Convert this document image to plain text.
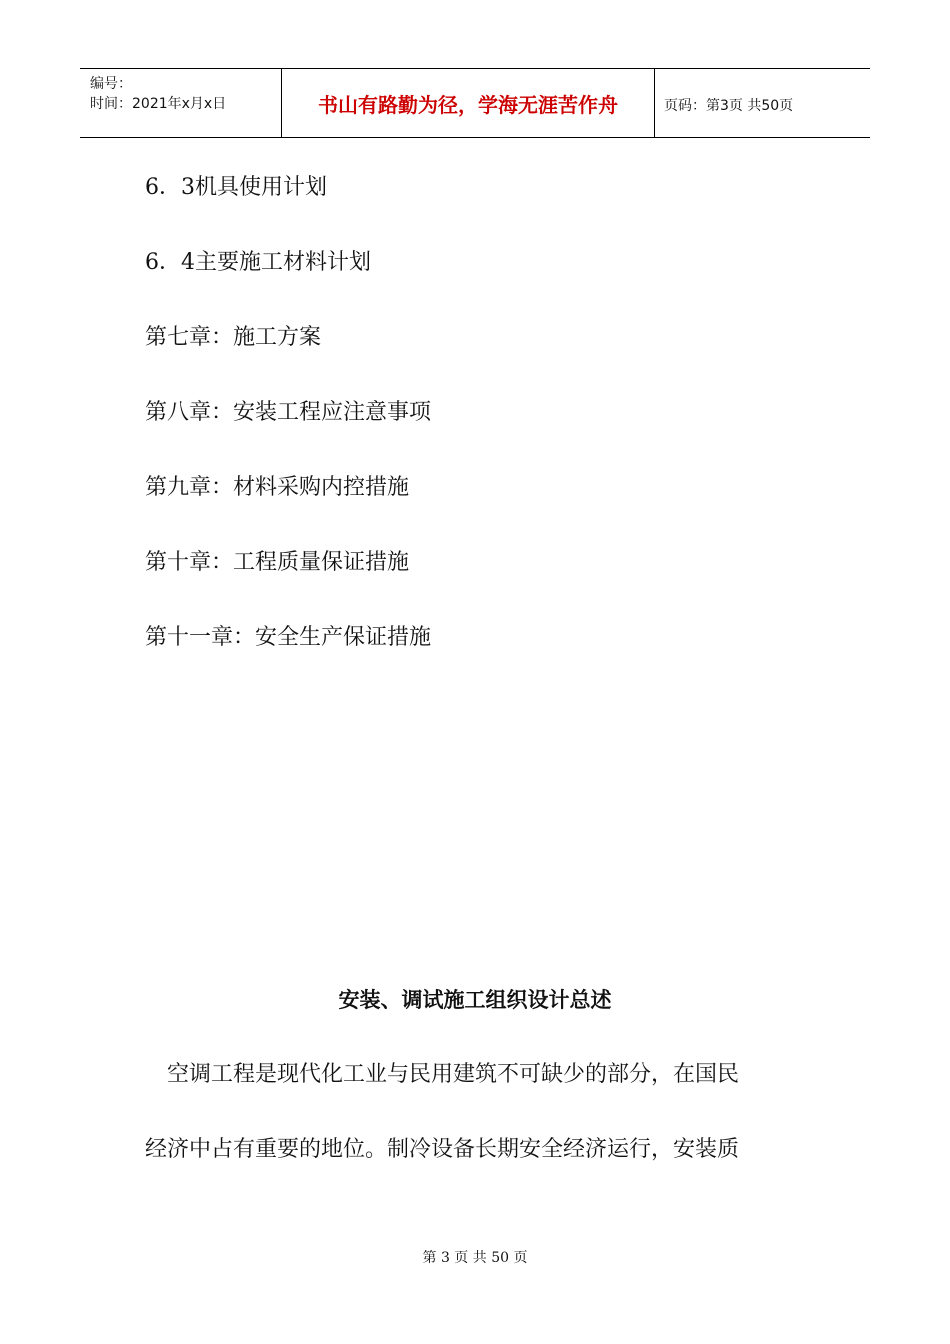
编号：
时间：2021年x月x日	书山有路勤为径，学海无涯苦作舟	页码：第3页 共50页
6．3机具使用计划
6．4主要施工材料计划
第七章：施工方案
第八章：安装工程应注意事项
第九章：材料采购内控措施
第十章：工程质量保证措施
第十一章：安全生产保证措施
安装、调试施工组织设计总述
　空调工程是现代化工业与民用建筑不可缺少的部分，在国民
经济中占有重要的地位。制冷设备长期安全经济运行，安装质
第 3 页 共 50 页
